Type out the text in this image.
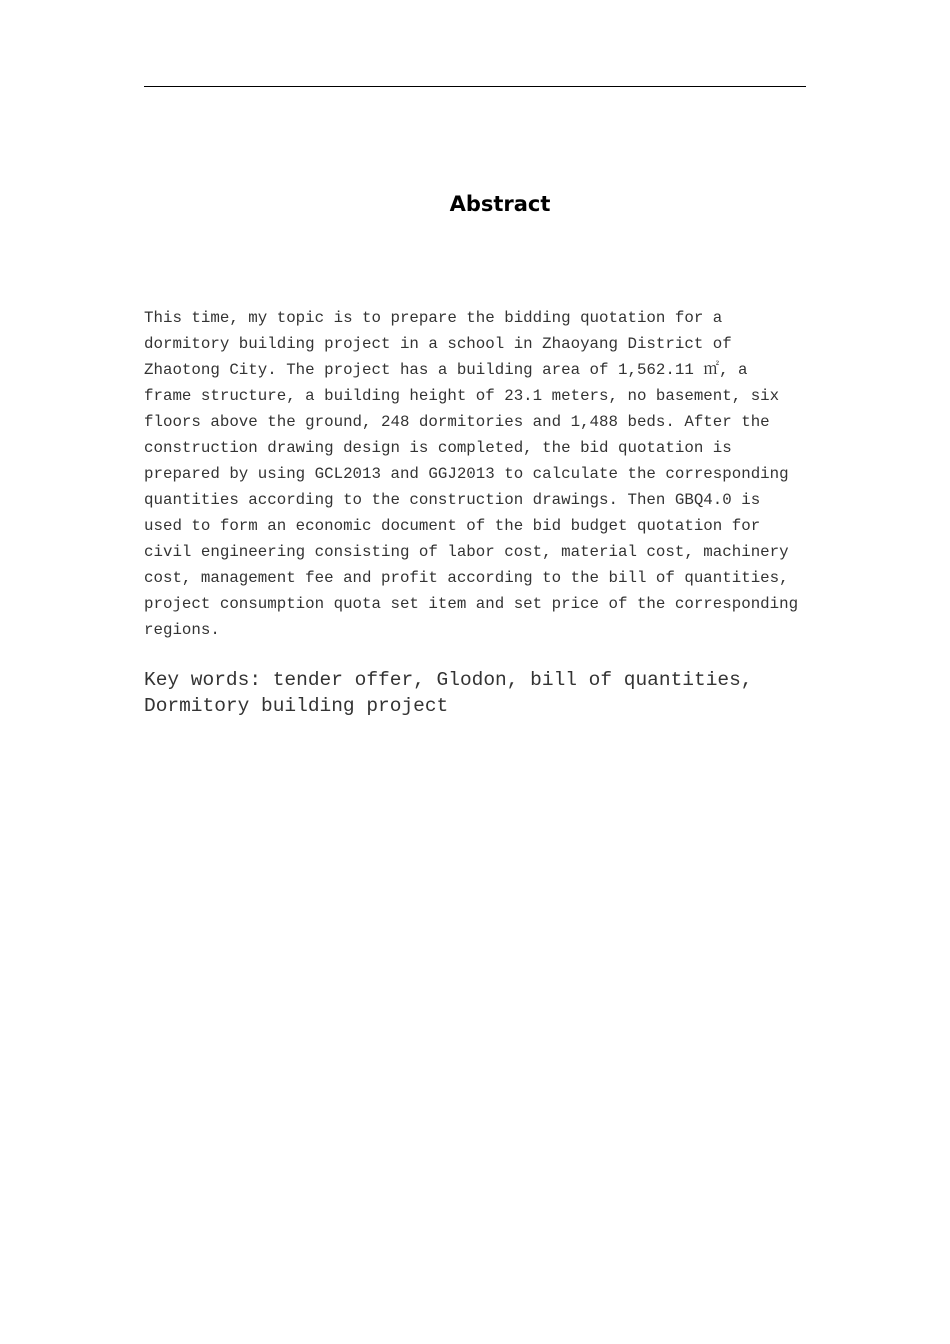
Abstract

This time, my topic is to prepare the bidding quotation for a
dormitory building project in a school in Zhaoyang District of
Zhaotong City. The project has a building area of 1,562.11 ㎡, a
frame structure, a building height of 23.1 meters, no basement, six
floors above the ground, 248 dormitories and 1,488 beds. After the
construction drawing design is completed, the bid quotation is
prepared by using GCL2013 and GGJ2013 to calculate the corresponding
quantities according to the construction drawings. Then GBQ4.0 is
used to form an economic document of the bid budget quotation for
civil engineering consisting of labor cost, material cost, machinery
cost, management fee and profit according to the bill of quantities,
project consumption quota set item and set price of the corresponding
regions.

Key words: tender offer, Glodon, bill of quantities,
Dormitory building project
